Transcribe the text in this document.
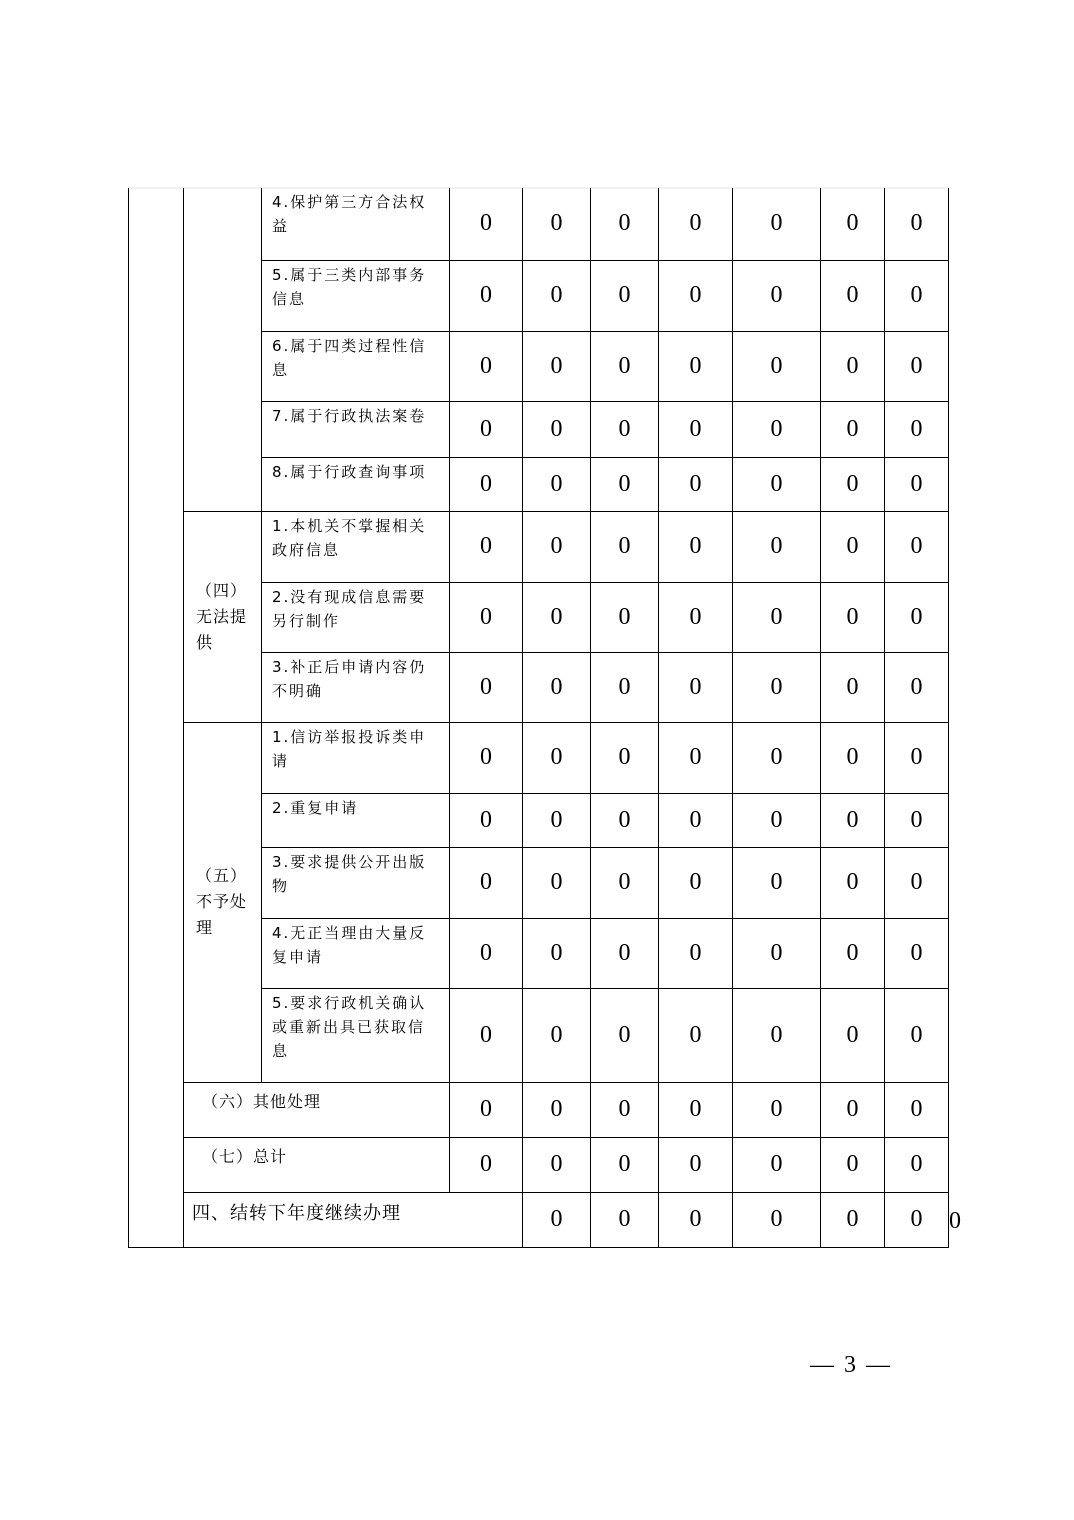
		4.保护第三方合法权益	0	0	0	0	0	0	0	
		5.属于三类内部事务信息	0	0	0	0	0	0	0	
		6.属于四类过程性信息	0	0	0	0	0	0	0	
		7.属于行政执法案卷	0	0	0	0	0	0	0	
		8.属于行政查询事项	0	0	0	0	0	0	0	
	（四）无法提供	1.本机关不掌握相关政府信息	0	0	0	0	0	0	0	
		2.没有现成信息需要另行制作	0	0	0	0	0	0	0	
		3.补正后申请内容仍不明确	0	0	0	0	0	0	0	
	（五）不予处理	1.信访举报投诉类申请	0	0	0	0	0	0	0	
		2.重复申请	0	0	0	0	0	0	0	
		3.要求提供公开出版物	0	0	0	0	0	0	0	
		4.无正当理由大量反复申请	0	0	0	0	0	0	0	
		5.要求行政机关确认或重新出具已获取信息	0	0	0	0	0	0	0	
	（六）其他处理		0	0	0	0	0	0	0	
	（七）总计		0	0	0	0	0	0	0	
	四、结转下年度继续办理			0	0	0	0	0	0	0
— 3 —
